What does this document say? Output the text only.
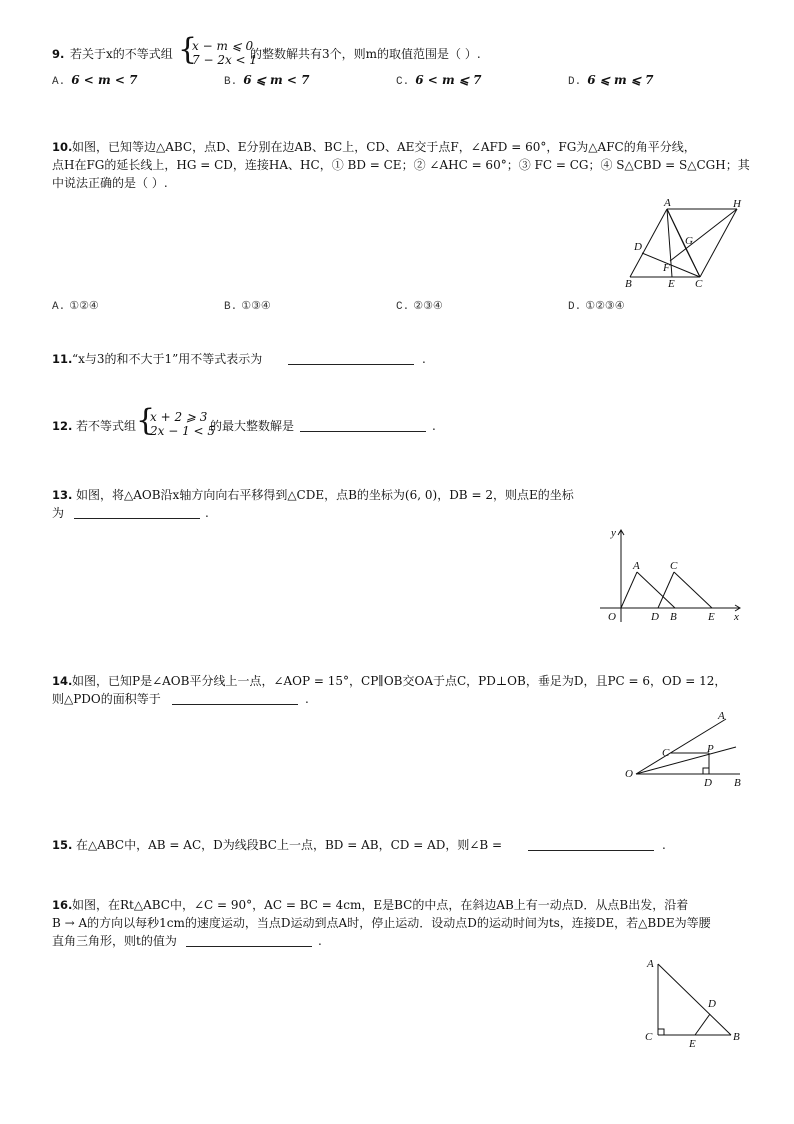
9. 若关于x的不等式组 {
x − m ⩽ 0
7 − 2x < 1
的整数解共有3个，则m的取值范围是（ ）.
A. 6 < m < 7	B. 6 ⩽ m < 7	C. 6 < m ⩽ 7	D. 6 ⩽ m ⩽ 7
10. 如图，已知等边△ABC，点D、E分别在边AB、BC上，CD、AE交于点F，∠AFD = 60°，FG为△AFC的角平分线，
点H在FG的延长线上，HG = CD，连接HA、HC，① BD = CE；② ∠AHC = 60°；③ FC = CG；④ S△CBD = S△CGH；其
中说法正确的是（ ）.
A	H
G
D
F
B	E C
A. ①②④	B. ①③④	C. ②③④	D. ①②③④
11. “x与3的和不大于1”用不等式表示为	.
12. 若不等式组 {
x + 2 ⩾ 3
2x − 1 < 5
的最大整数解是	.
13. 如图，将△AOB沿x轴方向向右平移得到△CDE，点B的坐标为(6, 0)，DB = 2，则点E的坐标
为	.
y
x
O
A	C
D B	E
14. 如图，已知P是∠AOB平分线上一点，∠AOP = 15°，CP∥OB交OA于点C，PD⊥OB，垂足为D，且PC = 6，OD = 12，
则△PDO的面积等于	.
A
C	P
O
D B
15. 在△ABC中，AB = AC，D为线段BC上一点，BD = AB，CD = AD，则∠B =	.
16. 如图，在Rt△ABC中，∠C = 90°，AC = BC = 4cm，E是BC的中点，在斜边AB上有一动点D．从点B出发，沿着
B → A的方向以每秒1cm的速度运动，当点D运动到点A时，停止运动．设动点D的运动时间为ts，连接DE，若△BDE为等腰
直角三角形，则t的值为	.
A
D
C
E
B
